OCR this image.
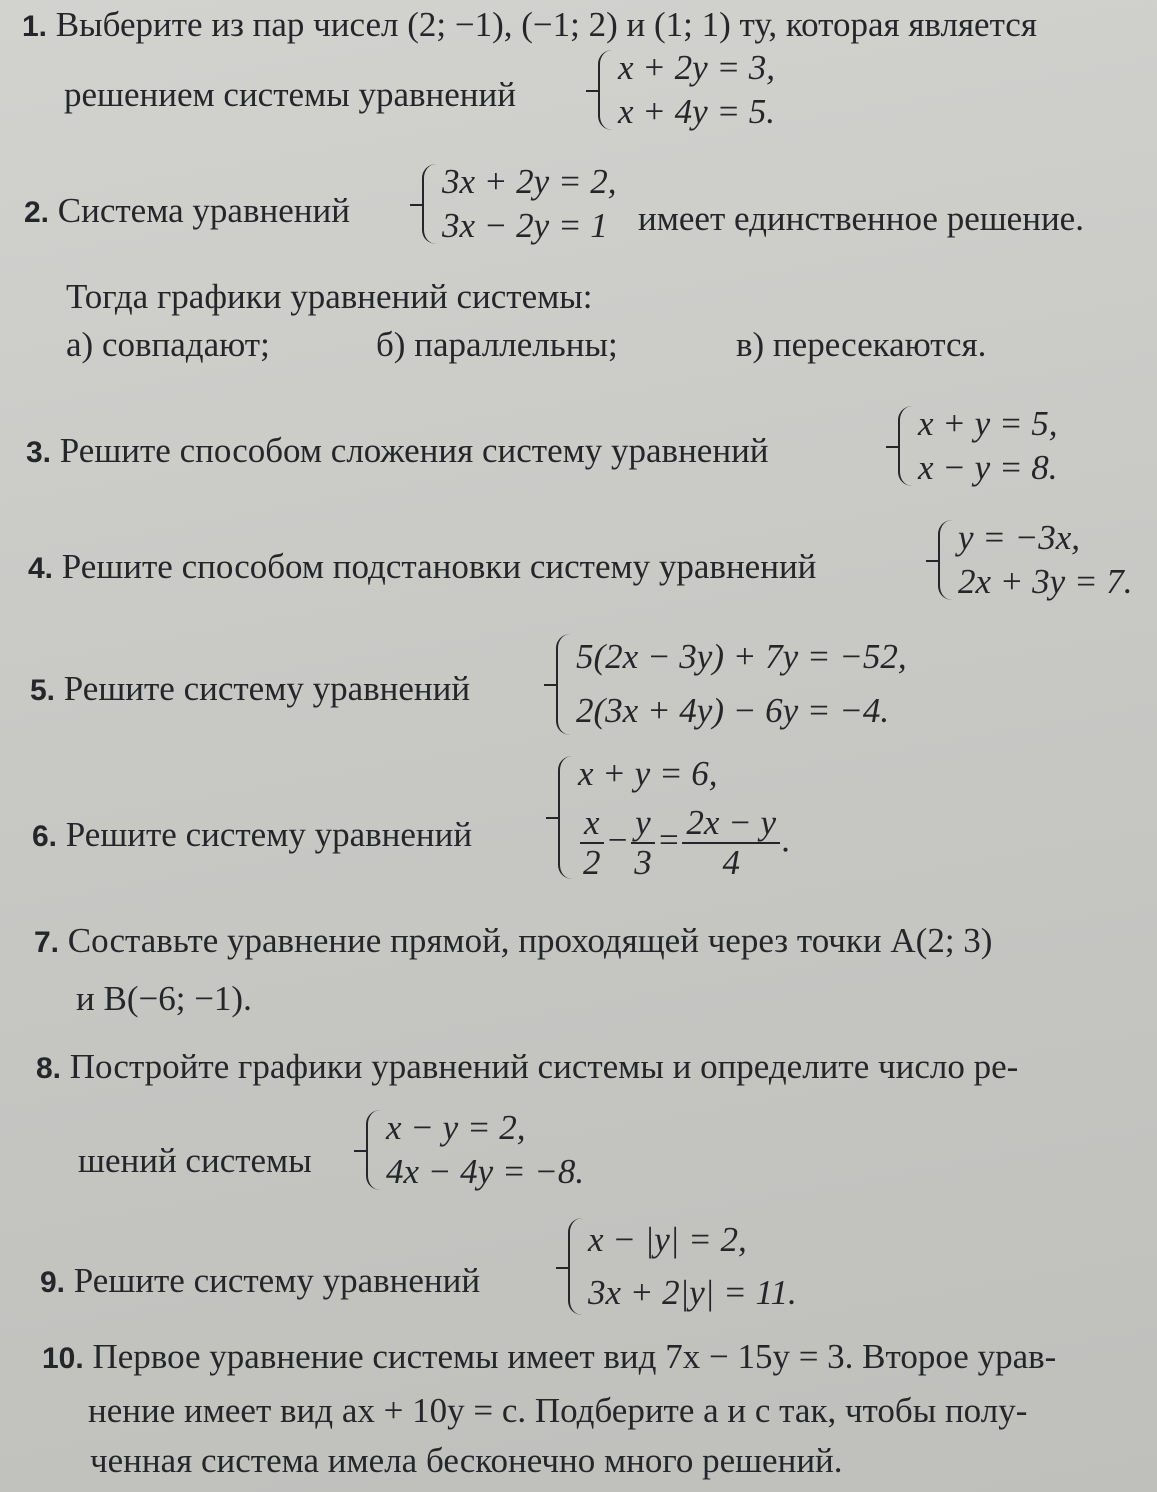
1. Выберите из пар чисел (2; −1), (−1; 2) и (1; 1) ту, которая является
решением системы уравнений
x + 2y = 3,
x + 4y = 5.
2. Система уравнений
3x + 2y = 2,
3x − 2y = 1 имеет единственное решение.
Тогда графики уравнений системы:
а) совпадают;	б) параллельны;	в) пересекаются.
3. Решите способом сложения систему уравнений
x + y = 5,
x − y = 8.
4. Решите способом подстановки систему уравнений
y = −3x,
2x + 3y = 7.
5. Решите систему уравнений
5(2x − 3y) + 7y = −52,
2(3x + 4y) − 6y = −4.
6. Решите систему уравнений
x + y = 6,
$\frac{x}{2} - \frac{y}{3} = \frac{2x - y}{4}$ .
7. Составьте уравнение прямой, проходящей через точки A(2; 3)
и B(−6; −1).
8. Постройте графики уравнений системы и определите число ре-
шений системы
x − y = 2,
4x − 4y = −8.
9. Решите систему уравнений
x − |y| = 2,
3x + 2|y| = 11.
10. Первое уравнение системы имеет вид 7x − 15y = 3. Второе урав-
нение имеет вид ax + 10y = c. Подберите a и c так, чтобы полу-
ченная система имела бесконечно много решений.
